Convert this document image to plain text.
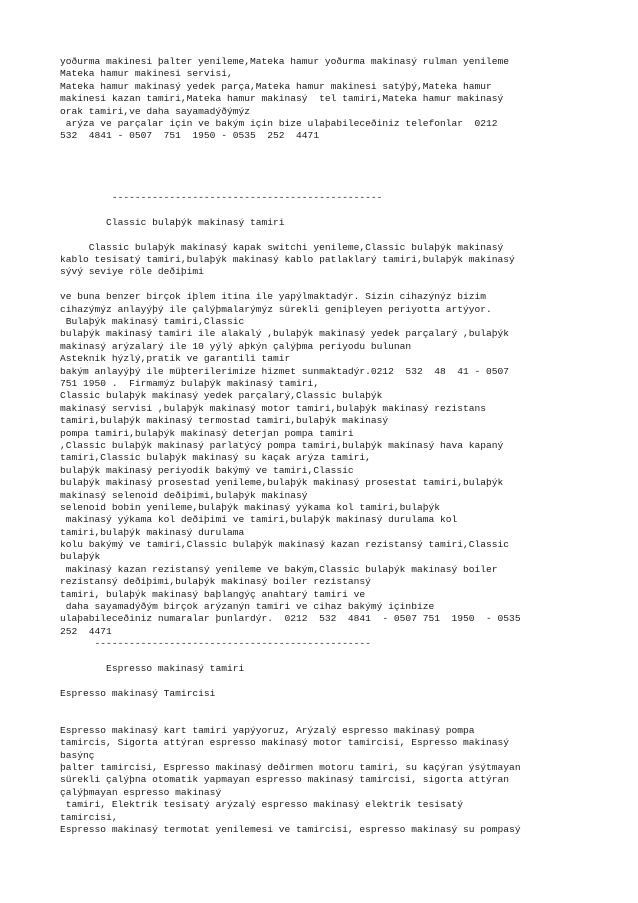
yoðurma makinesi þalter yenileme,Mateka hamur yoðurma makinasý rulman yenileme
Mateka hamur makinesi servisi,
Mateka hamur makinasý yedek parça,Mateka hamur makinesi satýþý,Mateka hamur
makinesi kazan tamiri,Mateka hamur makinasý  tel tamiri,Mateka hamur makinasý
orak tamiri,ve daha sayamadýðýmýz
arýza ve parçalar için ve bakým için bize ulaþabileceðiniz telefonlar  0212
532  4841 - 0507  751  1950 - 0535  252  4471
-----------------------------------------------
Classic bulaþýk makinasý tamiri
Classic bulaþýk makinasý kapak switchi yenileme,Classic bulaþýk makinasý
kablo tesisatý tamiri,bulaþýk makinasý kablo patlaklarý tamiri,bulaþýk makinasý
sývý seviye röle deðiþimi
ve buna benzer birçok iþlem itina ile yapýlmaktadýr. Sizin cihazýnýz bizim
cihazýmýz anlayýþý ile çalýþmalarýmýz sürekli geniþleyen periyotta artýyor.
Bulaþýk makinasý tamiri,Classic
bulaþýk makinasý tamiri ile alakalý ,bulaþýk makinasý yedek parçalarý ,bulaþýk
makinasý arýzalarý ile 10 yýlý aþkýn çalýþma periyodu bulunan
Asteknik hýzlý,pratik ve garantili tamir
bakým anlayýþý ile müþterilerimize hizmet sunmaktadýr.0212  532  48  41 - 0507
751 1950 .  Firmamýz bulaþýk makinasý tamiri,
Classic bulaþýk makinasý yedek parçalarý,Classic bulaþýk
makinasý servisi ,bulaþýk makinasý motor tamiri,bulaþýk makinasý rezistans
tamiri,bulaþýk makinasý termostad tamiri,bulaþýk makinasý
pompa tamiri,bulaþýk makinasý deterjan pompa tamiri
,Classic bulaþýk makinasý parlatýcý pompa tamiri,bulaþýk makinasý hava kapaný
tamiri,Classic bulaþýk makinasý su kaçak arýza tamiri,
bulaþýk makinasý periyodik bakýmý ve tamiri,Classic
bulaþýk makinasý prosestad yenileme,bulaþýk makinasý prosestat tamiri,bulaþýk
makinasý selenoid deðiþimi,bulaþýk makinasý
selenoid bobin yenileme,bulaþýk makinasý yýkama kol tamiri,bulaþýk
makinasý yýkama kol deðiþimi ve tamiri,bulaþýk makinasý durulama kol
tamiri,bulaþýk makinasý durulama
kolu bakýmý ve tamiri,Classic bulaþýk makinasý kazan rezistansý tamiri,Classic
bulaþýk
makinasý kazan rezistansý yenileme ve bakým,Classic bulaþýk makinasý boiler
rezistansý deðiþimi,bulaþýk makinasý boiler rezistansý
tamiri, bulaþýk makinasý baþlangýç anahtarý tamiri ve
daha sayamadýðým birçok arýzanýn tamiri ve cihaz bakýmý içinbize
ulaþabileceðiniz numaralar þunlardýr.  0212  532  4841  - 0507 751  1950  - 0535
252  4471
------------------------------------------------
Espresso makinasý tamiri
Espresso makinasý Tamircisi
Espresso makinasý kart tamiri yapýyoruz, Arýzalý espresso makinasý pompa
tamircis, Sigorta attýran espresso makinasý motor tamircisi, Espresso makinasý
basýnç
þalter tamircisi, Espresso makinasý deðirmen motoru tamiri, su kaçýran ýsýtmayan
sürekli çalýþna otomatik yapmayan espresso makinasý tamircisi, sigorta attýran
çalýþmayan espresso makinasý
tamiri, Elektrik tesisatý arýzalý espresso makinasý elektrik tesisatý
tamircisi,
Espresso makinasý termotat yenilemesi ve tamircisi, espresso makinasý su pompasý
